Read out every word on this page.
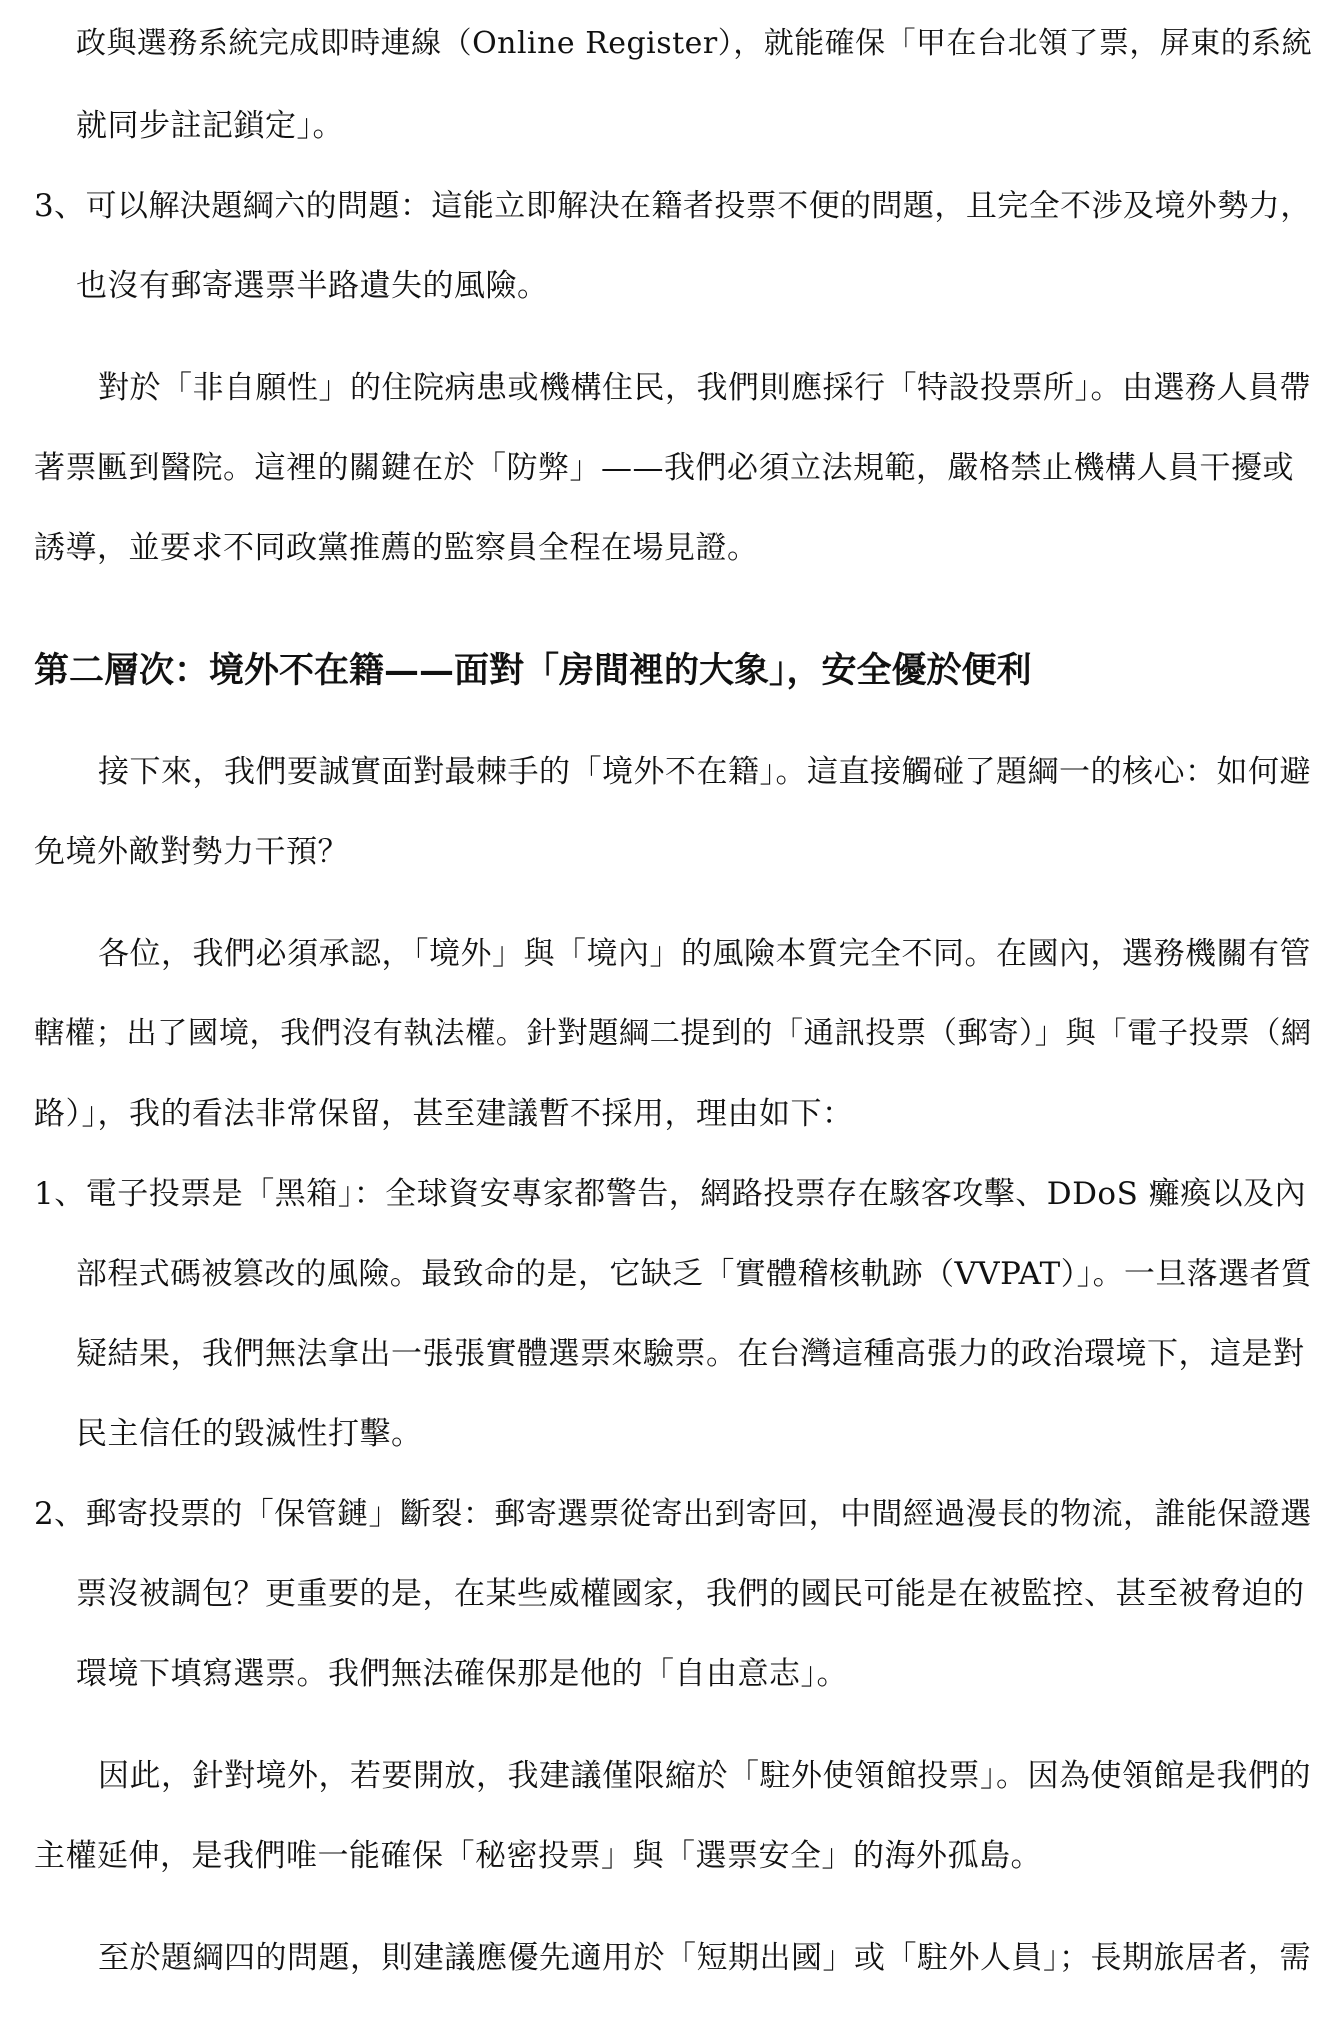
政與選務系統完成即時連線（Online Register），就能確保「甲在台北領了票，屏東的系統
就同步註記鎖定」。
3、可以解決題綱六的問題：這能立即解決在籍者投票不便的問題，且完全不涉及境外勢力，
也沒有郵寄選票半路遺失的風險。
對於「非自願性」的住院病患或機構住民，我們則應採行「特設投票所」。由選務人員帶
著票匭到醫院。這裡的關鍵在於「防弊」——我們必須立法規範，嚴格禁止機構人員干擾或
誘導，並要求不同政黨推薦的監察員全程在場見證。
第二層次：境外不在籍——面對「房間裡的大象」，安全優於便利
接下來，我們要誠實面對最棘手的「境外不在籍」。這直接觸碰了題綱一的核心：如何避
免境外敵對勢力干預？
各位，我們必須承認，「境外」與「境內」的風險本質完全不同。在國內，選務機關有管
轄權；出了國境，我們沒有執法權。針對題綱二提到的「通訊投票（郵寄）」與「電子投票（網
路）」，我的看法非常保留，甚至建議暫不採用，理由如下：
1、電子投票是「黑箱」：全球資安專家都警告，網路投票存在駭客攻擊、DDoS 癱瘓以及內
部程式碼被篡改的風險。最致命的是，它缺乏「實體稽核軌跡（VVPAT）」。一旦落選者質
疑結果，我們無法拿出一張張實體選票來驗票。在台灣這種高張力的政治環境下，這是對
民主信任的毀滅性打擊。
2、郵寄投票的「保管鏈」斷裂：郵寄選票從寄出到寄回，中間經過漫長的物流，誰能保證選
票沒被調包？更重要的是，在某些威權國家，我們的國民可能是在被監控、甚至被脅迫的
環境下填寫選票。我們無法確保那是他的「自由意志」。
因此，針對境外，若要開放，我建議僅限縮於「駐外使領館投票」。因為使領館是我們的
主權延伸，是我們唯一能確保「秘密投票」與「選票安全」的海外孤島。
至於題綱四的問題，則建議應優先適用於「短期出國」或「駐外人員」；長期旅居者，需
